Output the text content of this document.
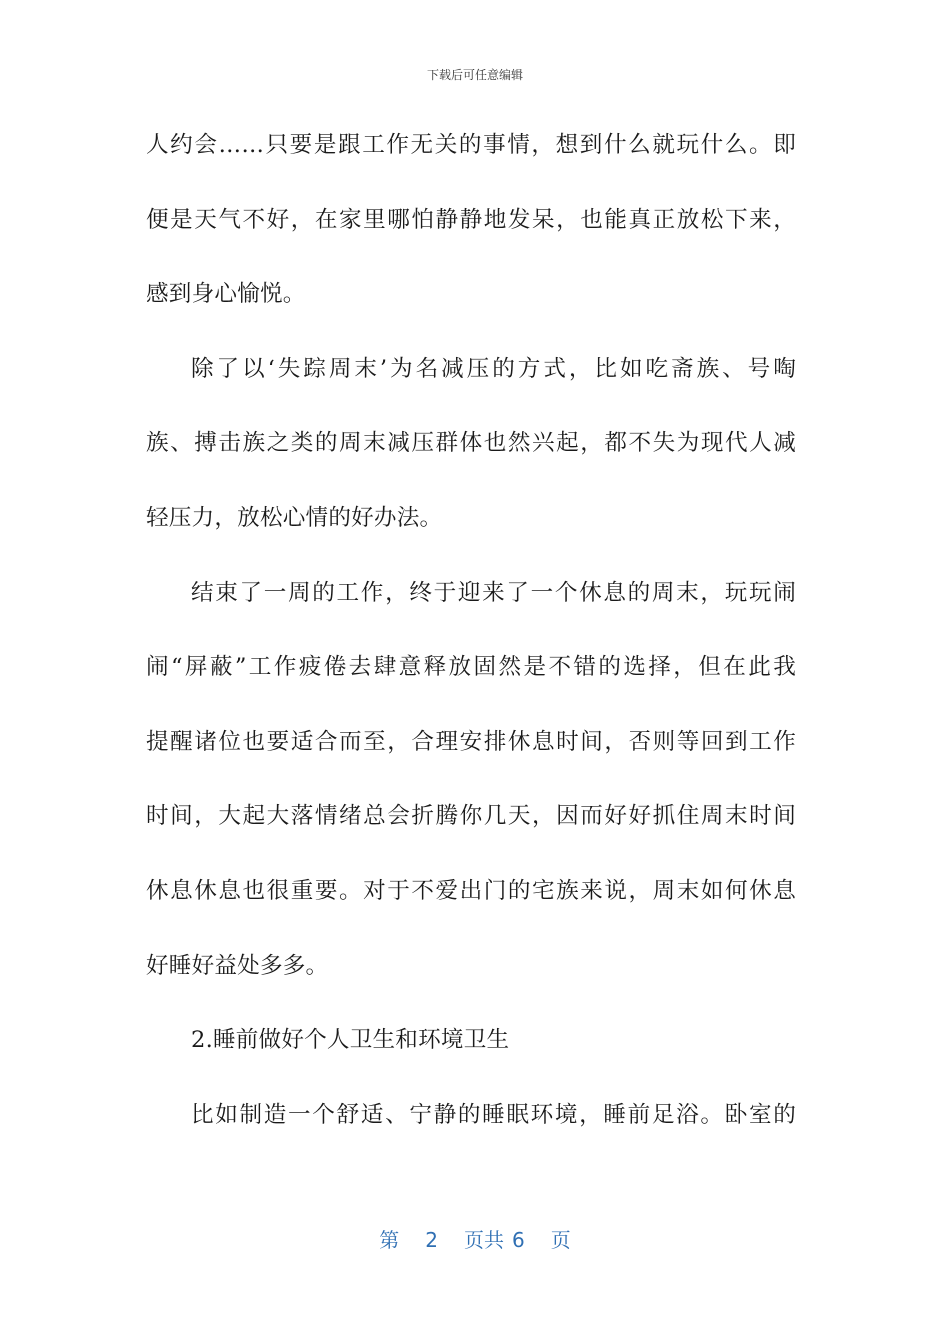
下载后可任意编辑
人约会……只要是跟工作无关的事情，想到什么就玩什么。即
便是天气不好，在家里哪怕静静地发呆，也能真正放松下来，
感到身心愉悦。
除了以‘失踪周末’为名减压的方式，比如吃斋族、号啕
族、搏击族之类的周末减压群体也然兴起，都不失为现代人减
轻压力，放松心情的好办法。
结束了一周的工作，终于迎来了一个休息的周末，玩玩闹
闹“屏蔽”工作疲倦去肆意释放固然是不错的选择，但在此我
提醒诸位也要适合而至，合理安排休息时间，否则等回到工作
时间，大起大落情绪总会折腾你几天，因而好好抓住周末时间
休息休息也很重要。对于不爱出门的宅族来说，周末如何休息
好睡好益处多多。
2.睡前做好个人卫生和环境卫生
比如制造一个舒适、宁静的睡眠环境，睡前足浴。卧室的
第 2 页共 6 页
